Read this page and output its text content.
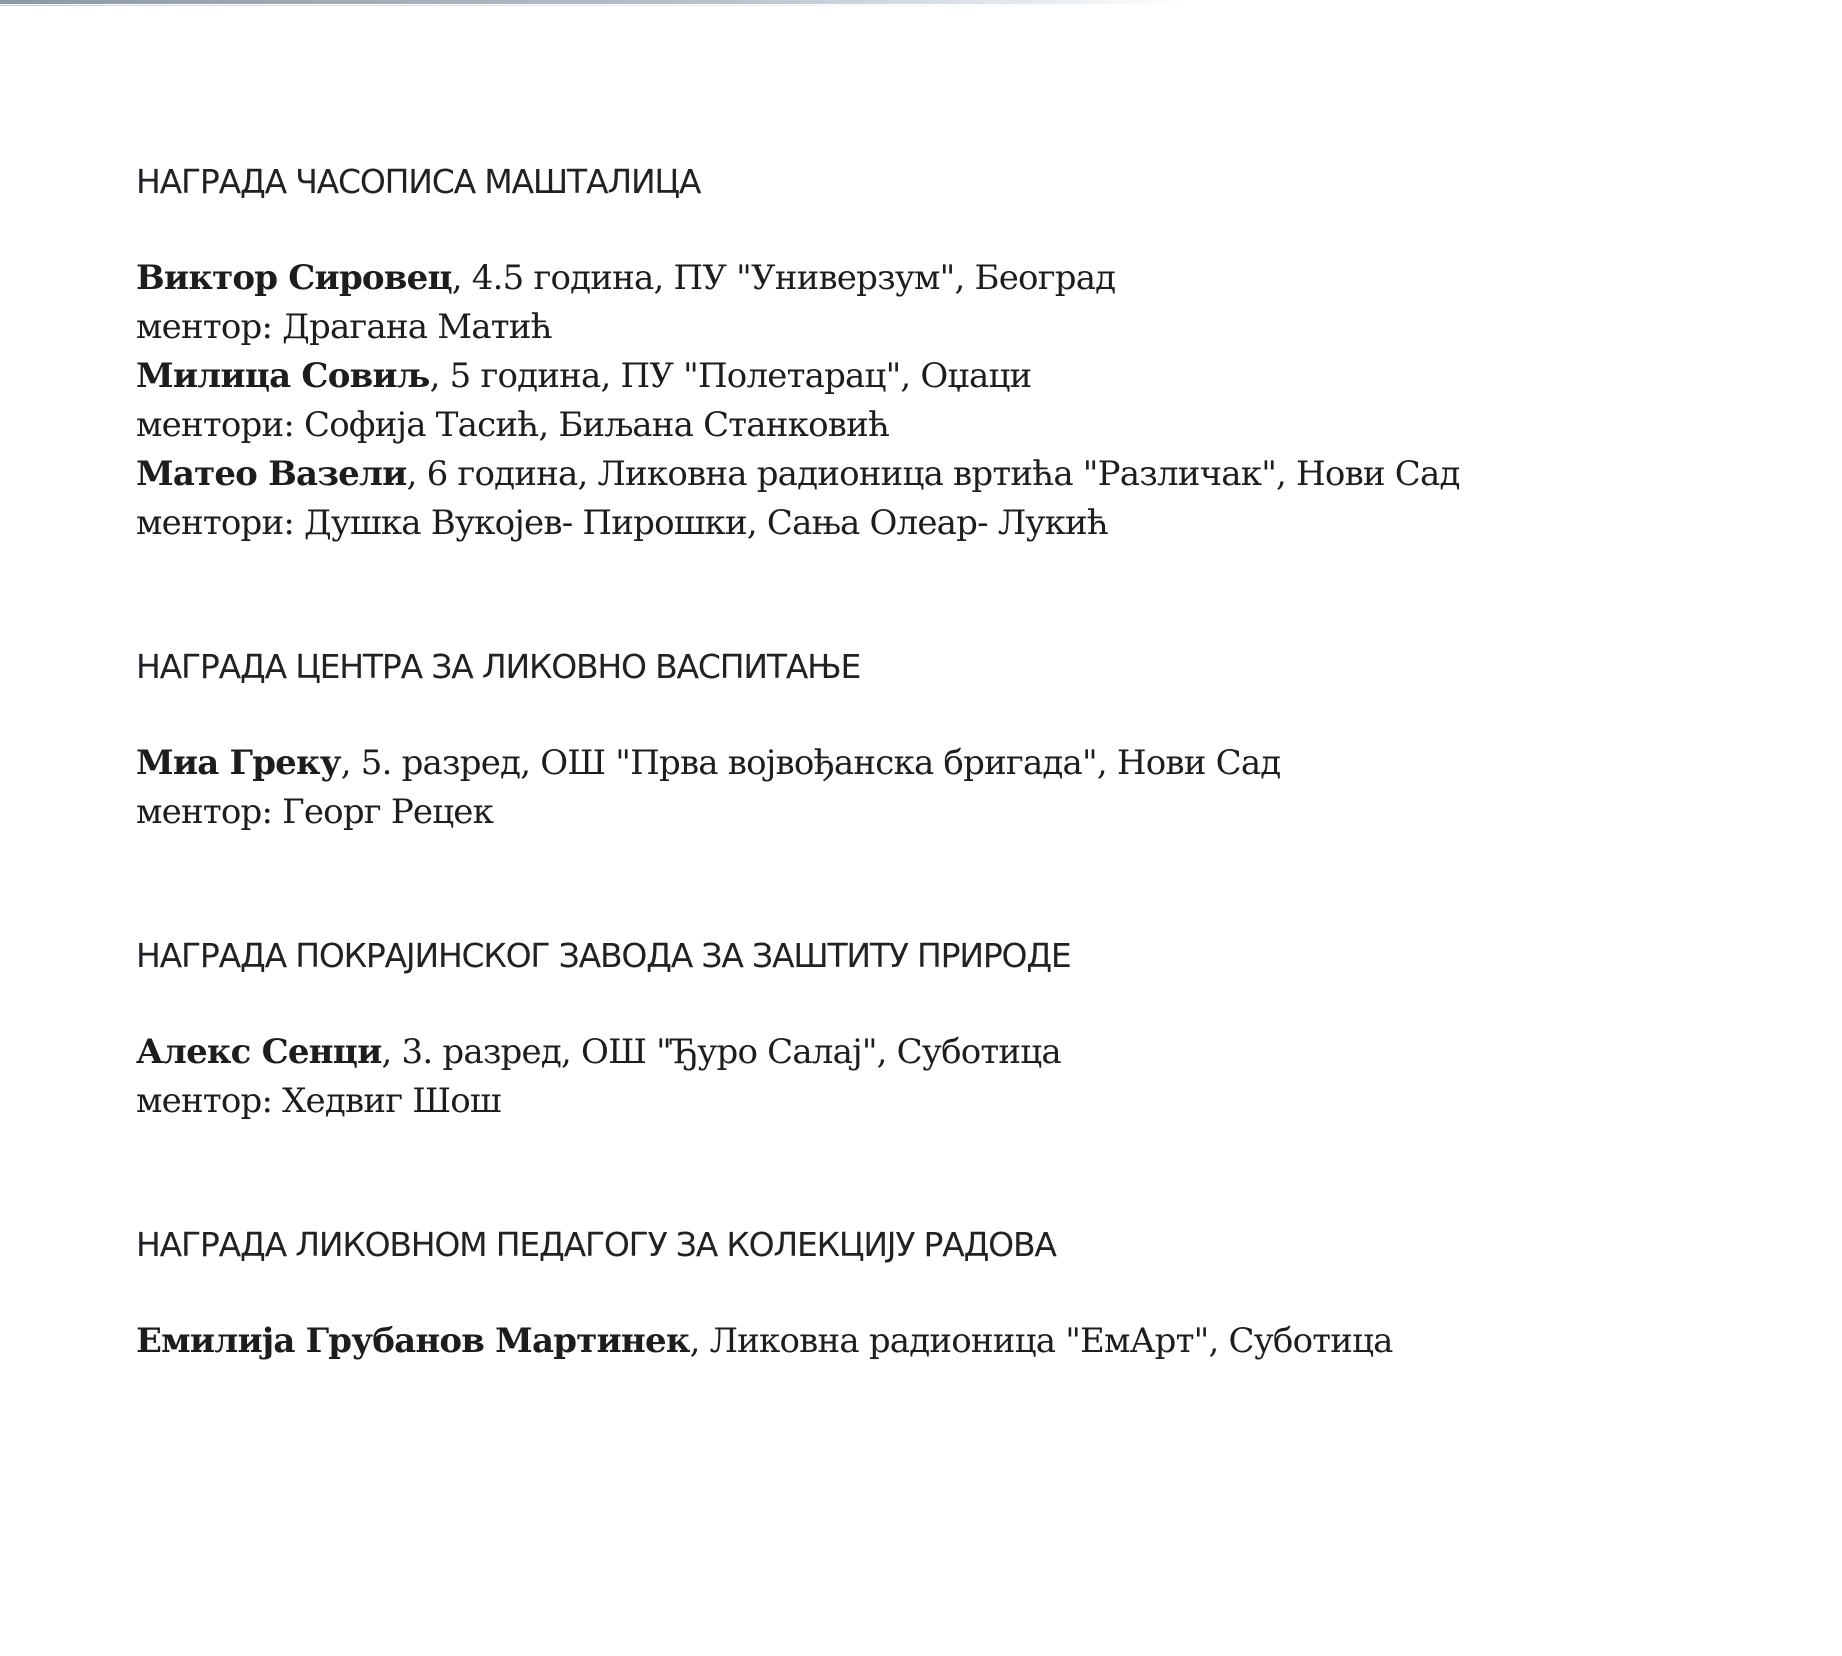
НАГРАДА ЧАСОПИСА МАШТАЛИЦА

Виктор Сировец, 4.5 година, ПУ "Универзум", Београд

ментор: Драгана Матић

Милица Совиљ, 5 година, ПУ "Полетарац", Оџаци

ментори: Софија Тасић, Биљана Станковић

Матео Вазели, 6 година, Ликовна радионица вртића "Различак", Нови Сад

ментори: Душка Вукојев- Пирошки, Сања Олеар- Лукић

НАГРАДА ЦЕНТРА ЗА ЛИКОВНО ВАСПИТАЊЕ

Миа Греку, 5. разред, ОШ "Прва војвођанска бригада", Нови Сад

ментор: Георг Рецек

НАГРАДА ПОКРАЈИНСКОГ ЗАВОДА ЗА ЗАШТИТУ ПРИРОДЕ

Алекс Сенци, 3. разред, ОШ "Ђуро Салај", Суботица

ментор: Хедвиг Шош

НАГРАДА ЛИКОВНОМ ПЕДАГОГУ ЗА КОЛЕКЦИЈУ РАДОВА

Емилија Грубанов Мартинек, Ликовна радионица "ЕмАрт", Суботица
